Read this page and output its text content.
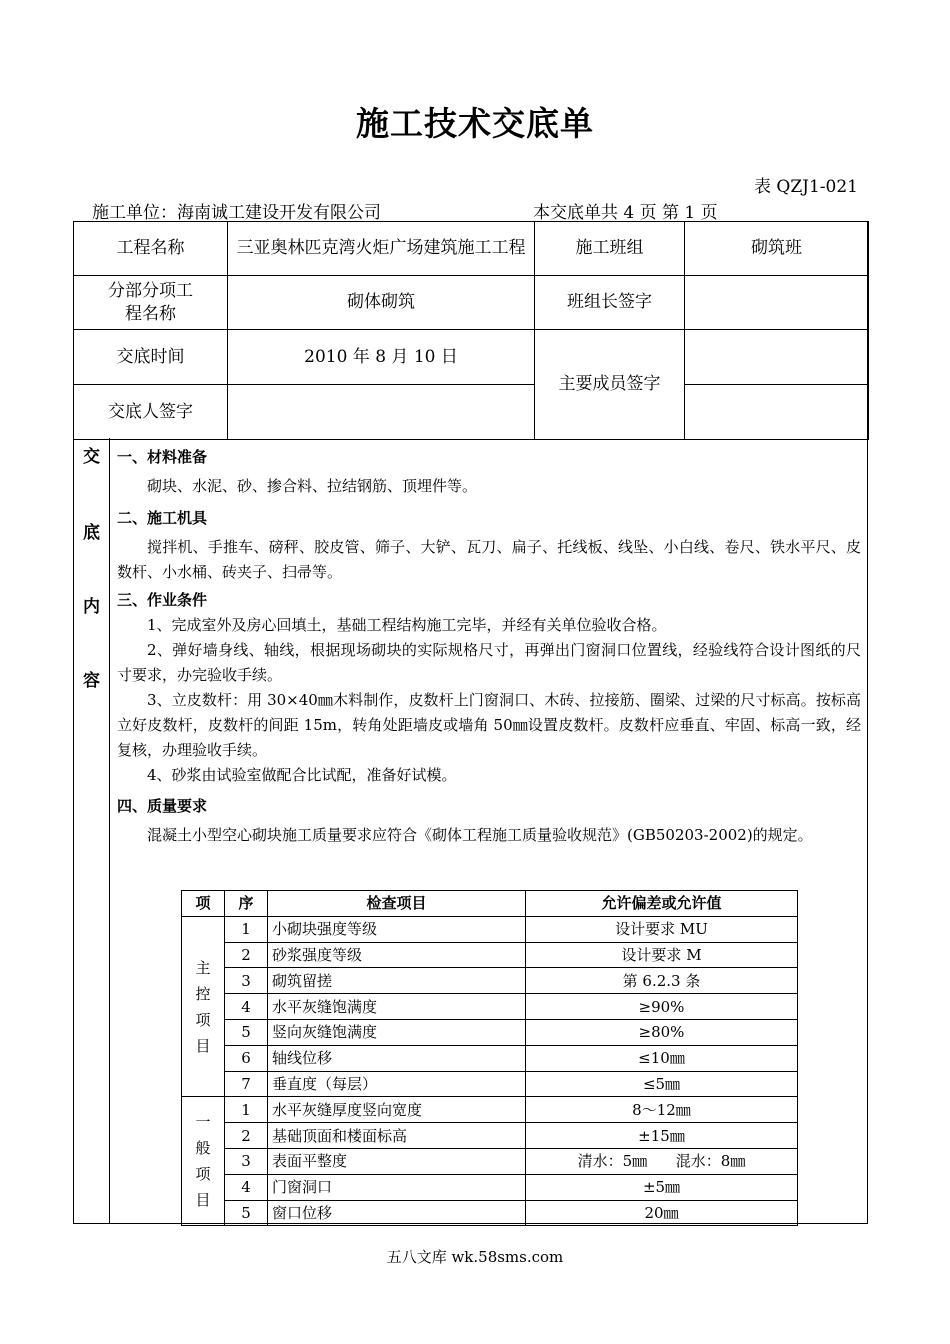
施工技术交底单
表 QZJ1-021
施工单位：海南诚工建设开发有限公司	本交底单共 4 页 第 1 页
工程名称	三亚奥林匹克湾火炬广场建筑施工工程	施工班组	砌筑班
分部分项工程名称	砌体砌筑	班组长签字	
交底时间	2010 年 8 月 10 日	主要成员签字	
交底人签字			
交
底
内
容

一、材料准备

砌块、水泥、砂、掺合料、拉结钢筋、顶埋件等。

二、施工机具

搅拌机、手推车、磅秤、胶皮管、筛子、大铲、瓦刀、扁子、托线板、线坠、小白线、卷尺、铁水平尺、皮数杆、小水桶、砖夹子、扫帚等。

三、作业条件

1、完成室外及房心回填土，基础工程结构施工完毕，并经有关单位验收合格。

2、弹好墙身线、轴线，根据现场砌块的实际规格尺寸，再弹出门窗洞口位置线，经验线符合设计图纸的尺寸要求，办完验收手续。

3、立皮数杆：用 30×40㎜木料制作，皮数杆上门窗洞口、木砖、拉接筋、圈梁、过梁的尺寸标高。按标高立好皮数杆，皮数杆的间距 15m，转角处距墙皮或墙角 50㎜设置皮数杆。皮数杆应垂直、牢固、标高一致，经复核，办理验收手续。

4、砂浆由试验室做配合比试配，准备好试模。

四、质量要求

混凝土小型空心砌块施工质量要求应符合《砌体工程施工质量验收规范》(GB50203-2002)的规定。

项	序	检查项目	允许偏差或允许值

主控项目	1	小砌块强度等级	设计要求 MU
	2	砂浆强度等级	设计要求 M
	3	砌筑留搓	第 6.2.3 条
	4	水平灰缝饱满度	≥90%
	5	竖向灰缝饱满度	≥80%
	6	轴线位移	≤10㎜
	7	垂直度（每层）	≤5㎜

一般项目	1	水平灰缝厚度竖向宽度	8～12㎜
	2	基础顶面和楼面标高	±15㎜
	3	表面平整度	清水：5㎜      混水：8㎜
	4	门窗洞口	±5㎜
	5	窗口位移	20㎜
五八文库 wk.58sms.com
